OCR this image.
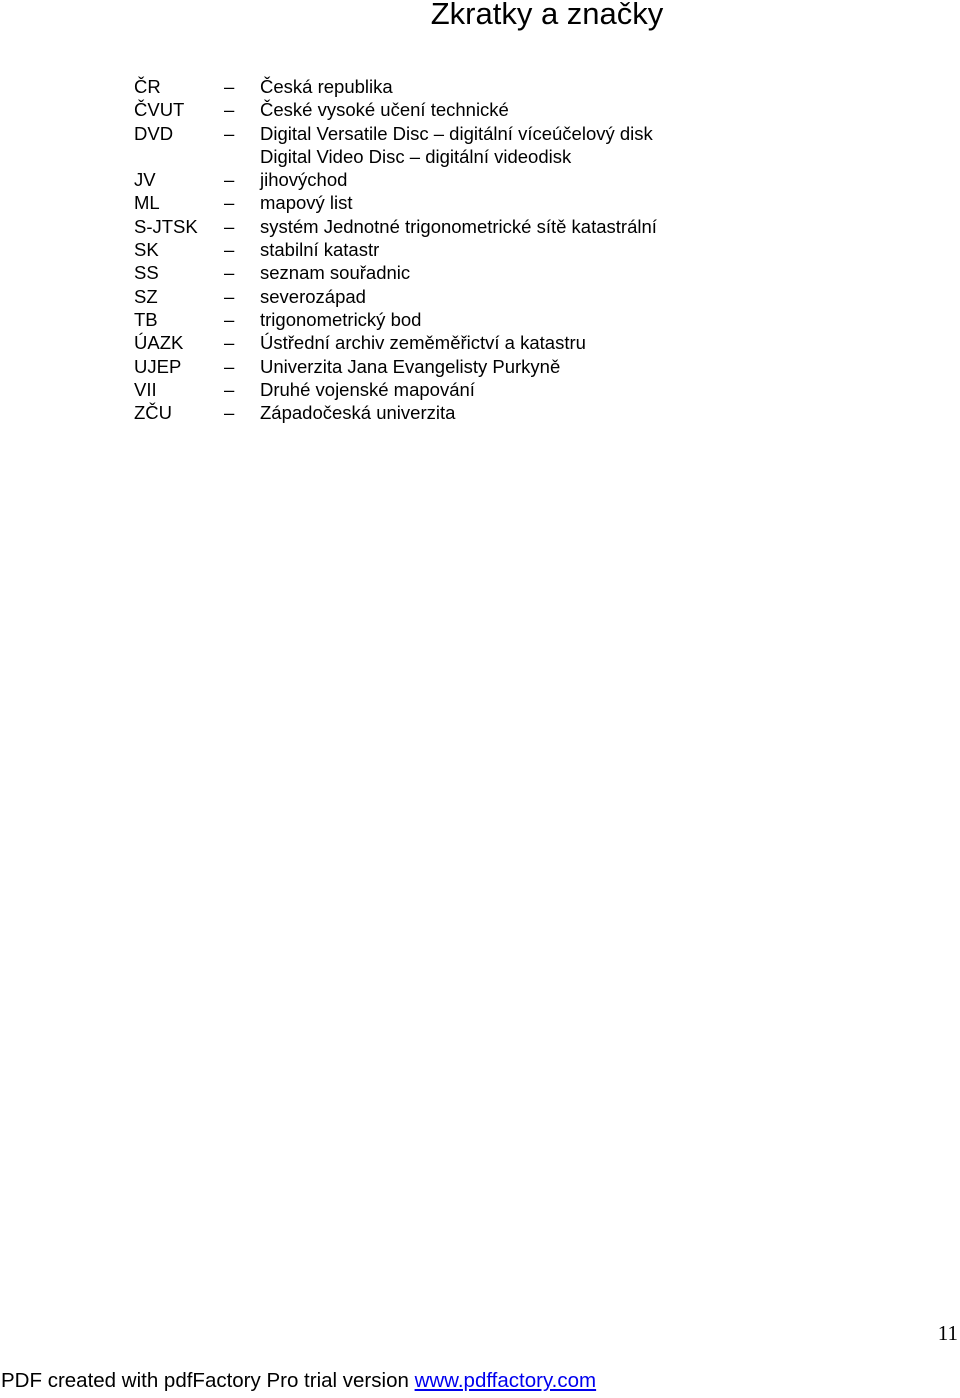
Zkratky a značky
ČR	–	Česká republika
ČVUT	–	České vysoké učení technické
DVD	–	Digital Versatile Disc – digitální víceúčelový disk
		Digital Video Disc – digitální videodisk
JV	–	jihovýchod
ML	–	mapový list
S-JTSK	–	systém Jednotné trigonometrické sítě katastrální
SK	–	stabilní katastr
SS	–	seznam souřadnic
SZ	–	severozápad
TB	–	trigonometrický bod
ÚAZK	–	Ústřední archiv zeměměřictví a katastru
UJEP	–	Univerzita Jana Evangelisty Purkyně
VII	–	Druhé vojenské mapování
ZČU	–	Západočeská univerzita
11
PDF created with pdfFactory Pro trial version www.pdffactory.com
